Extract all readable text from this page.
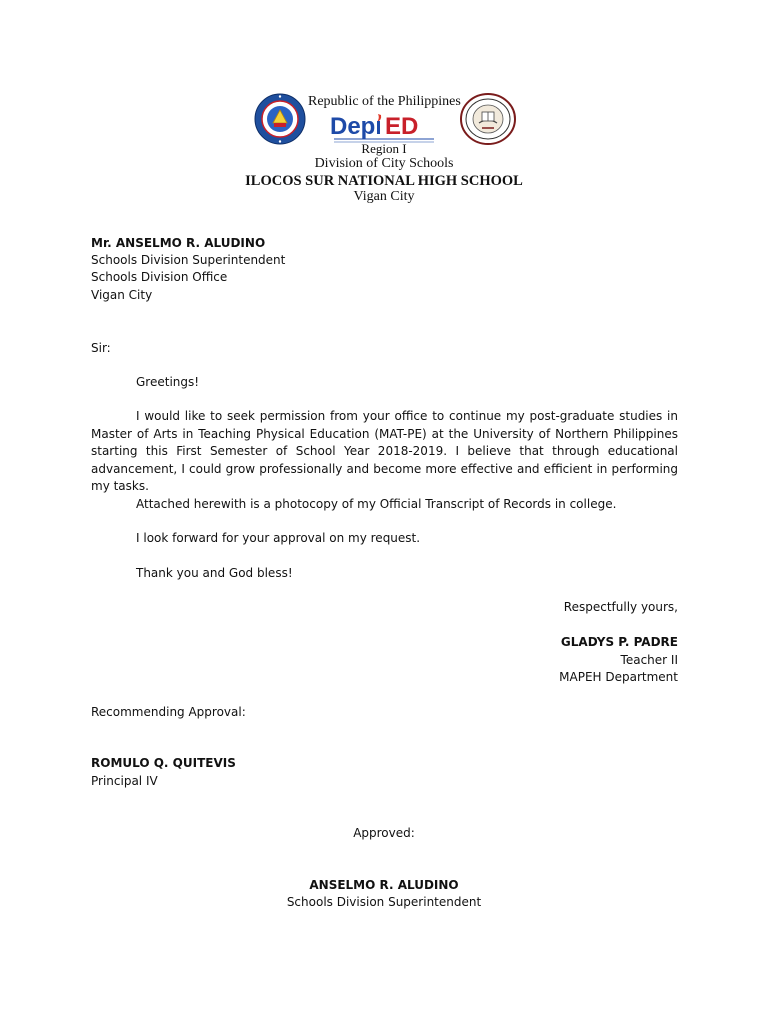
Republic of the Philippines
Dep ED
Region I
Division of City Schools
ILOCOS SUR NATIONAL HIGH SCHOOL
Vigan City
Mr. ANSELMO R. ALUDINO
Schools Division Superintendent
Schools Division Office
Vigan City
Sir:
Greetings!
I would like to seek permission from your office to continue my post-graduate studies in Master of Arts in Teaching Physical Education (MAT-PE) at the University of Northern Philippines starting this First Semester of School Year 2018-2019. I believe that through educational advancement, I could grow professionally and become more effective and efficient in performing my tasks.
Attached herewith is a photocopy of my Official Transcript of Records in college.
I look forward for your approval on my request.
Thank you and God bless!
Respectfully yours,
GLADYS P. PADRE
Teacher II
MAPEH Department
Recommending Approval:
ROMULO Q. QUITEVIS
Principal IV
Approved:
ANSELMO R. ALUDINO
Schools Division Superintendent
